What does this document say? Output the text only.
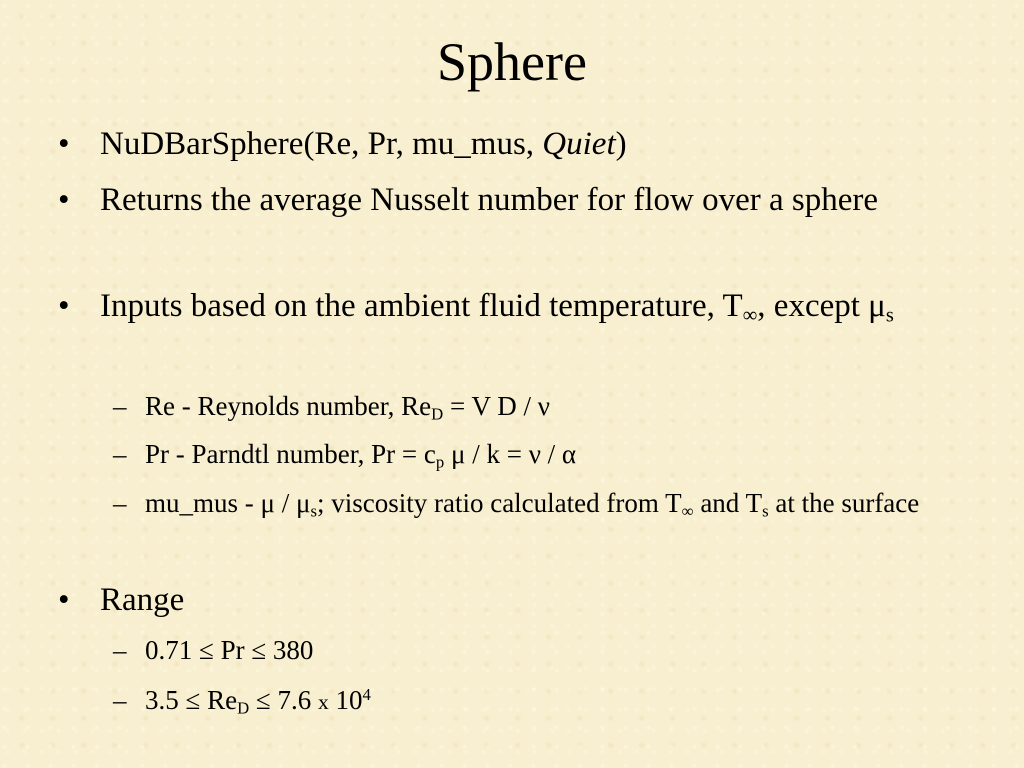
Sphere
• NuDBarSphere(Re, Pr, mu_mus, Quiet)
• Returns the average Nusselt number for flow over a sphere
• Inputs based on the ambient fluid temperature, $T_\infty$, except $\mu_s$
– Re - Reynolds number, $Re_D = V$ D / ν
– Pr - Parndtl number, $Pr = c_p$ μ / k = ν / α
– mu_mus - μ / $\mu_s$; viscosity ratio calculated from $T_\infty$ and $T_s$ at the surface
• Range
– 0.71 ≤ Pr ≤ 380
– $3.5 \le Re_D \le 7.6$ x $10^4$
